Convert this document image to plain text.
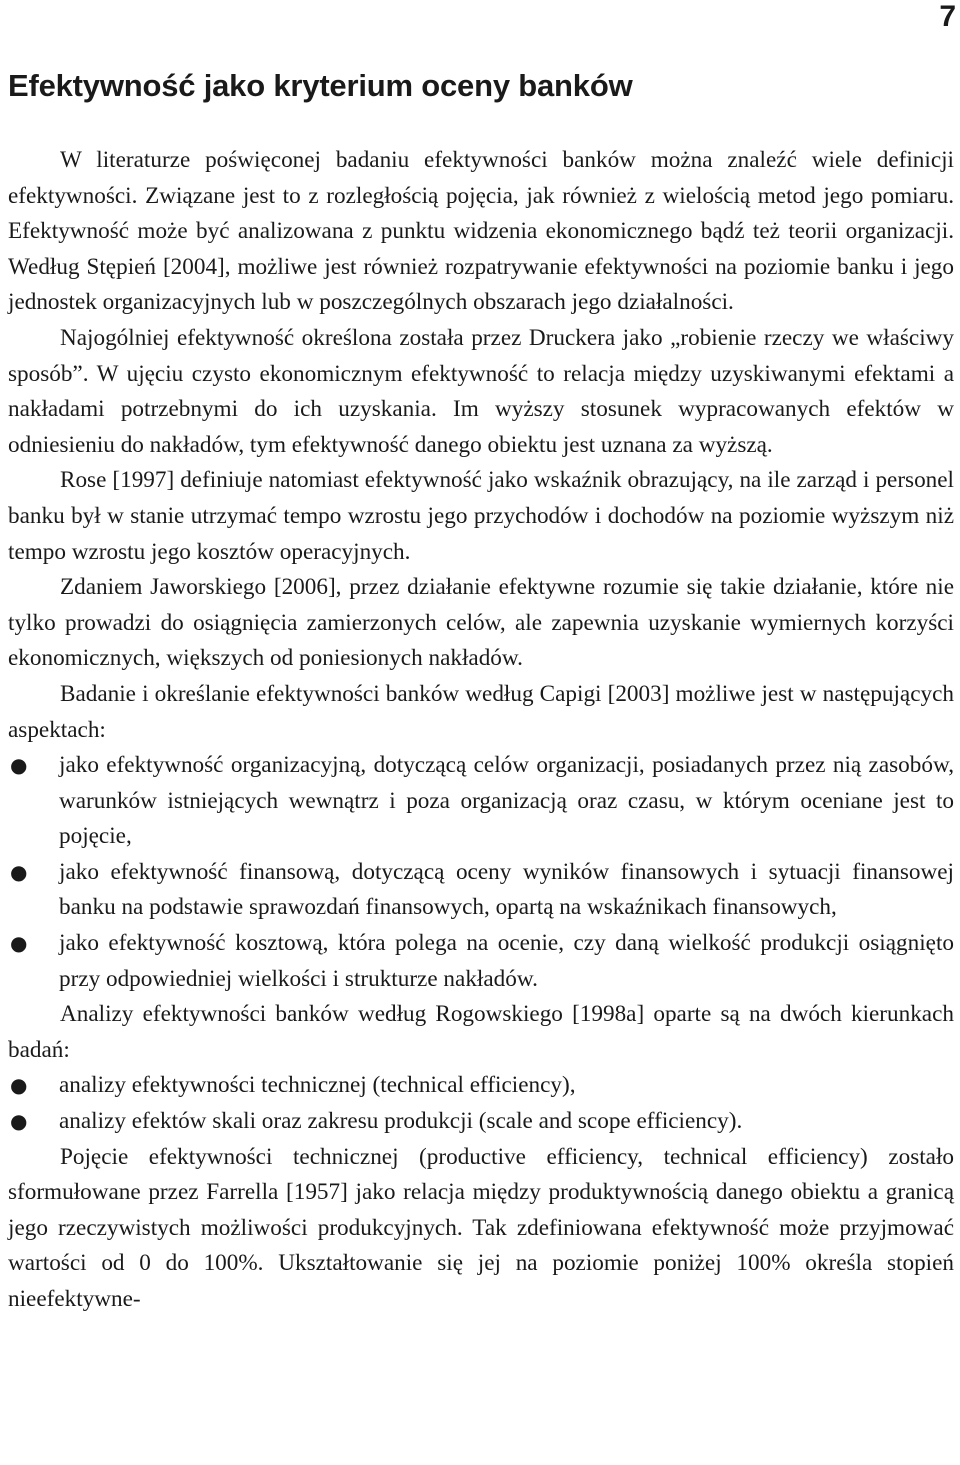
7
Efektywność jako kryterium oceny banków

W literaturze poświęconej badaniu efektywności banków można znaleźć wiele definicji efektywności. Związane jest to z rozległością pojęcia, jak również z wielością metod jego pomiaru. Efektywność może być analizowana z punktu widzenia ekonomicznego bądź też teorii organizacji. Według Stępień [2004], możliwe jest również rozpatrywanie efektywności na poziomie banku i jego jednostek organizacyjnych lub w poszczególnych obszarach jego działalności.

Najogólniej efektywność określona została przez Druckera jako „robienie rzeczy we właściwy sposób”. W ujęciu czysto ekonomicznym efektywność to relacja między uzyskiwanymi efektami a nakładami potrzebnymi do ich uzyskania. Im wyższy stosunek wypracowanych efektów w odniesieniu do nakładów, tym efektywność danego obiektu jest uznana za wyższą.

Rose [1997] definiuje natomiast efektywność jako wskaźnik obrazujący, na ile zarząd i personel banku był w stanie utrzymać tempo wzrostu jego przychodów i dochodów na poziomie wyższym niż tempo wzrostu jego kosztów operacyjnych.

Zdaniem Jaworskiego [2006], przez działanie efektywne rozumie się takie działanie, które nie tylko prowadzi do osiągnięcia zamierzonych celów, ale zapewnia uzyskanie wymiernych korzyści ekonomicznych, większych od poniesionych nakładów.

Badanie i określanie efektywności banków według Capigi [2003] możliwe jest w następujących aspektach:

● jako efektywność organizacyjną, dotyczącą celów organizacji, posiadanych przez nią zasobów, warunków istniejących wewnątrz i poza organizacją oraz czasu, w którym oceniane jest to pojęcie,
● jako efektywność finansową, dotyczącą oceny wyników finansowych i sytuacji finansowej banku na podstawie sprawozdań finansowych, opartą na wskaźnikach finansowych,
● jako efektywność kosztową, która polega na ocenie, czy daną wielkość produkcji osiągnięto przy odpowiedniej wielkości i strukturze nakładów.

Analizy efektywności banków według Rogowskiego [1998a] oparte są na dwóch kierunkach badań:

● analizy efektywności technicznej (technical efficiency),
● analizy efektów skali oraz zakresu produkcji (scale and scope efficiency).

Pojęcie efektywności technicznej (productive efficiency, technical efficiency) zostało sformułowane przez Farrella [1957] jako relacja między produktywnością danego obiektu a granicą jego rzeczywistych możliwości produkcyjnych. Tak zdefiniowana efektywność może przyjmować wartości od 0 do 100%. Ukształtowanie się jej na poziomie poniżej 100% określa stopień nieefektywne-
